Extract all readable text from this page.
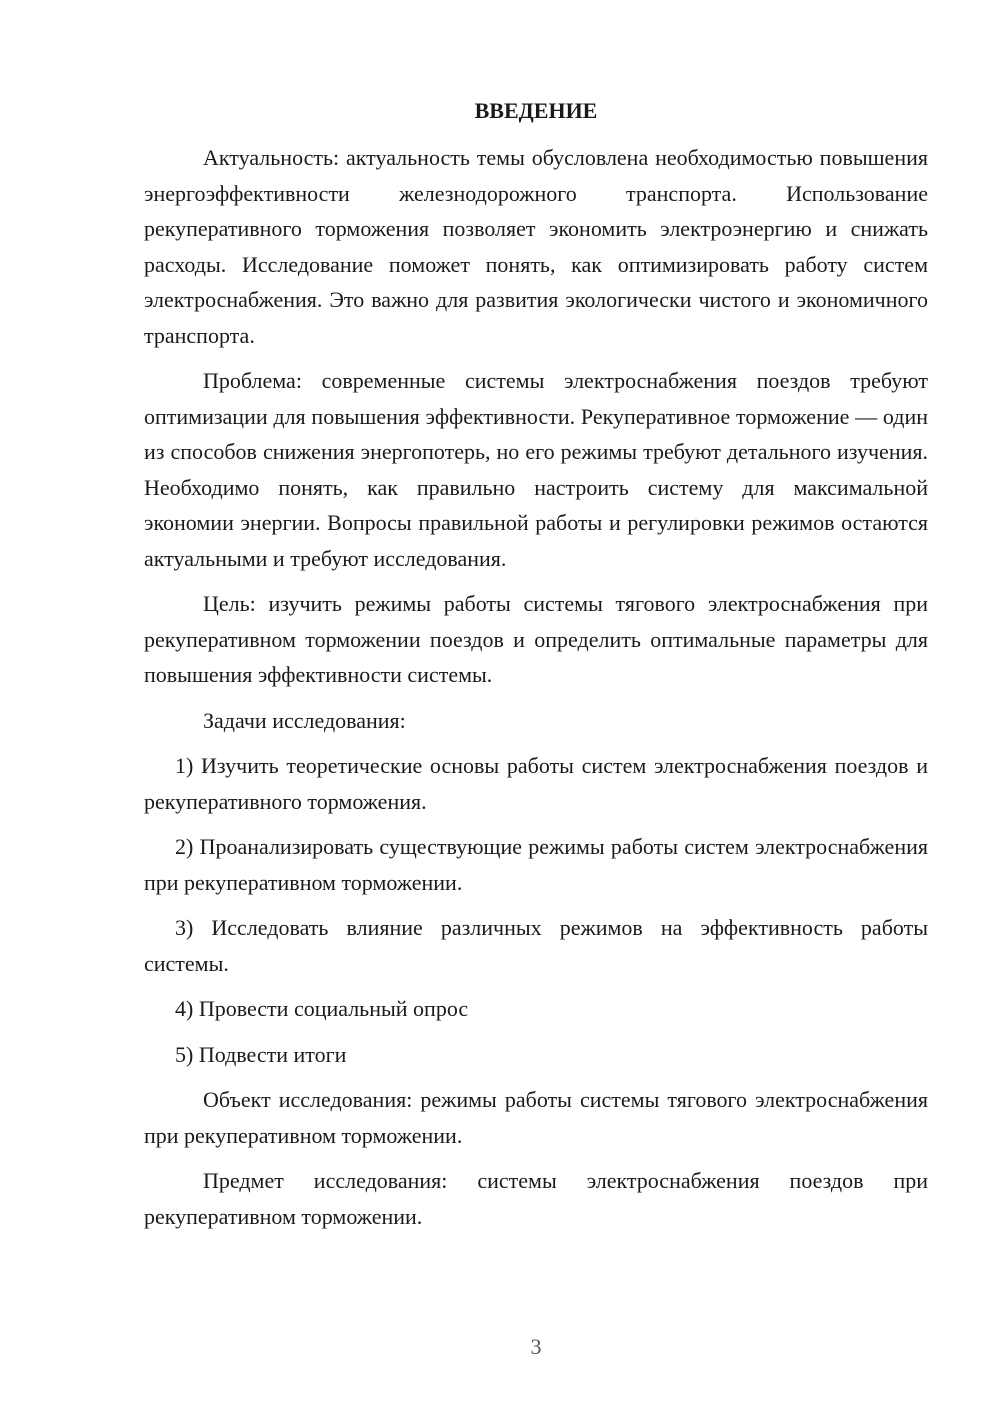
ВВЕДЕНИЕ

Актуальность: актуальность темы обусловлена необходимостью повышения энергоэффективности железнодорожного транспорта. Использование рекуперативного торможения позволяет экономить электроэнергию и снижать расходы. Исследование поможет понять, как оптимизировать работу систем электроснабжения. Это важно для развития экологически чистого и экономичного транспорта.

Проблема: современные системы электроснабжения поездов требуют оптимизации для повышения эффективности. Рекуперативное торможение — один из способов снижения энергопотерь, но его режимы требуют детального изучения. Необходимо понять, как правильно настроить систему для максимальной экономии энергии. Вопросы правильной работы и регулировки режимов остаются актуальными и требуют исследования.

Цель: изучить режимы работы системы тягового электроснабжения при рекуперативном торможении поездов и определить оптимальные параметры для повышения эффективности системы.

Задачи исследования:

1) Изучить теоретические основы работы систем электроснабжения поездов и рекуперативного торможения.

2) Проанализировать существующие режимы работы систем электроснабжения при рекуперативном торможении.

3) Исследовать влияние различных режимов на эффективность работы системы.

4) Провести социальный опрос

5) Подвести итоги

Объект исследования: режимы работы системы тягового электроснабжения при рекуперативном торможении.

Предмет исследования: системы электроснабжения поездов при рекуперативном торможении.

3
